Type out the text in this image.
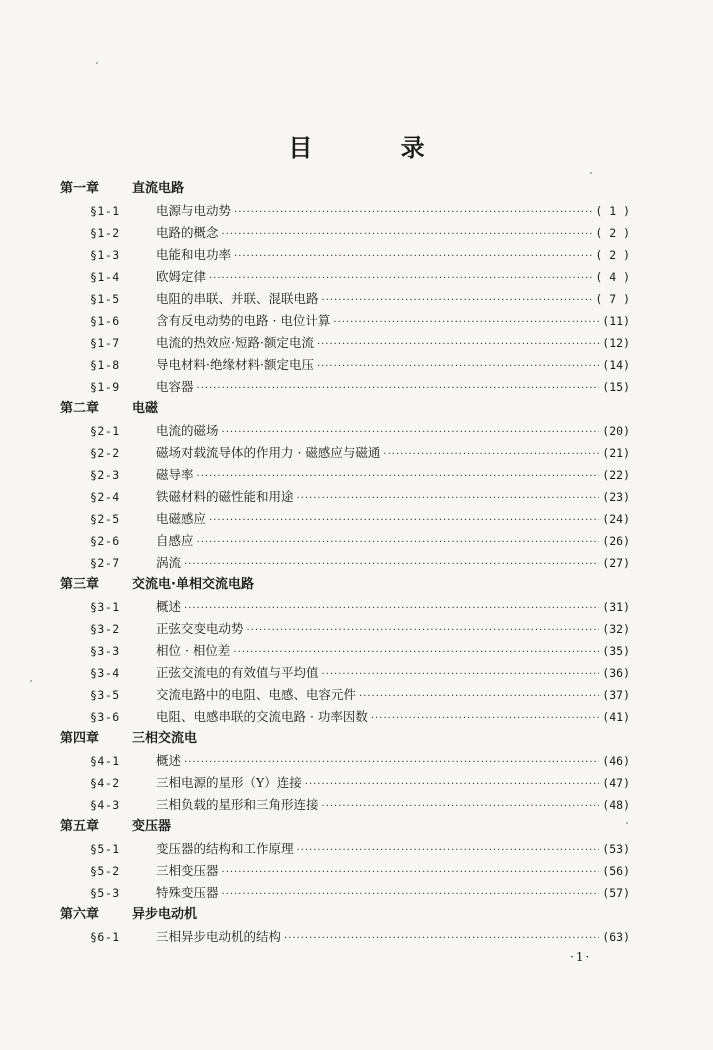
目 录
第一章	直流电路
§1-1	电源与电动势 ·····	( 1 )
§1-2	电路的概念 ·····	( 2 )
§1-3	电能和电功率 ·····	( 2 )
§1-4	欧姆定律 ·····	( 4 )
§1-5	电阻的串联、并联、混联电路 ·····	( 7 )
§1-6	含有反电动势的电路 · 电位计算 ·····	(11)
§1-7	电流的热效应·短路·额定电流 ·····	(12)
§1-8	导电材料·绝缘材料·额定电压 ·····	(14)
§1-9	电容器 ·····	(15)
第二章	电磁
§2-1	电流的磁场 ·····	(20)
§2-2	磁场对载流导体的作用力 · 磁感应与磁通 ·····	(21)
§2-3	磁导率 ·····	(22)
§2-4	铁磁材料的磁性能和用途 ·····	(23)
§2-5	电磁感应 ·····	(24)
§2-6	自感应 ·····	(26)
§2-7	涡流 ·····	(27)
第三章	交流电·单相交流电路
§3-1	概述 ·····	(31)
§3-2	正弦交变电动势 ·····	(32)
§3-3	相位 · 相位差 ·····	(35)
§3-4	正弦交流电的有效值与平均值 ·····	(36)
§3-5	交流电路中的电阻、电感、电容元件 ·····	(37)
§3-6	电阻、电感串联的交流电路 · 功率因数 ·····	(41)
第四章	三相交流电
§4-1	概述 ·····	(46)
§4-2	三相电源的星形（Y）连接 ·····	(47)
§4-3	三相负载的星形和三角形连接 ·····	(48)
第五章	变压器
§5-1	变压器的结构和工作原理 ·····	(53)
§5-2	三相变压器 ·····	(56)
§5-3	特殊变压器 ·····	(57)
第六章	异步电动机
§6-1	三相异步电动机的结构 ·····	(63)
·1·
